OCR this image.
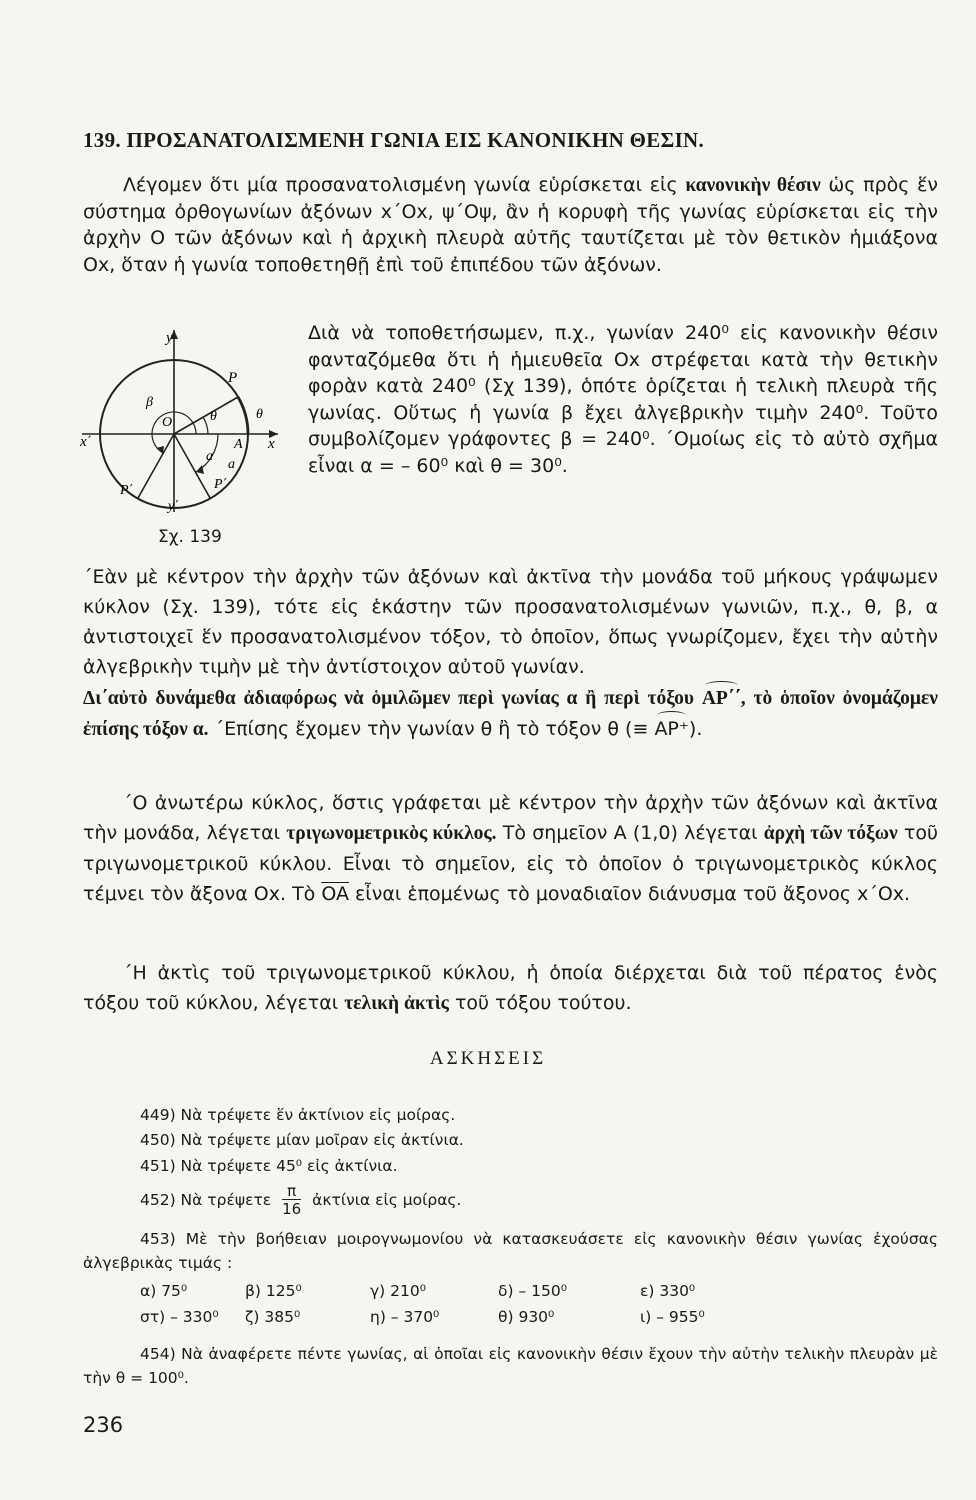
139. ΠΡΟΣΑΝΑΤΟΛΙΣΜΕΝΗ ΓΩΝΙΑ ΕΙΣ ΚΑΝΟΝΙΚΗΝ ΘΕΣΙΝ.
Λέγομεν ὅτι μία προσανατολισμένη γωνία εὑρίσκεται εἰς κανονικὴν θέσιν ὡς πρὸς ἕν σύστημα ὀρθογωνίων ἀξόνων x΄Ox, ψ΄Oψ, ἂν ἡ κορυφὴ τῆς γωνίας εὑρίσκεται εἰς τὴν ἀρχὴν O τῶν ἀξόνων καὶ ἡ ἀρχικὴ πλευρὰ αὐτῆς ταυτίζεται μὲ τὸν θετικὸν ἡμιάξονα Ox, ὅταν ἡ γωνία τοποθετηθῇ ἐπὶ τοῦ ἐπιπέδου τῶν ἀξόνων.
y
P
x΄	x
O	θ	θ
A
a
a
β
P΄	P΄
y΄
Σχ. 139
Διὰ νὰ τοποθετήσωμεν, π.χ., γωνίαν 240⁰ εἰς κανονικὴν θέσιν φανταζόμεθα ὅτι ἡ ἡμιευθεῖα Ox στρέφεται κατὰ τὴν θετικὴν φορὰν κατὰ 240⁰ (Σχ 139), ὁπότε ὁρίζεται ἡ τελικὴ πλευρὰ τῆς γωνίας. Οὕτως ἡ γωνία β ἔχει ἀλγεβρικὴν τιμὴν 240⁰. Τοῦτο συμβολίζομεν γράφοντες β = 240⁰. ΄Ομοίως εἰς τὸ αὐτὸ σχῆμα εἶναι α = – 60⁰ καὶ θ = 30⁰.
΄Εὰν μὲ κέντρον τὴν ἀρχὴν τῶν ἀξόνων καὶ ἀκτῖνα τὴν μονάδα τοῦ μήκους γράψωμεν κύκλον (Σχ. 139), τότε εἰς ἑκάστην τῶν προσανατολισμένων γωνιῶν, π.χ., θ, β, α ἀντιστοιχεῖ ἕν προσανατολισμένον τόξον, τὸ ὁποῖον, ὅπως γνωρίζομεν, ἔχει τὴν αὐτὴν ἀλγεβρικὴν τιμὴν μὲ τὴν ἀντίστοιχον αὐτοῦ γωνίαν.
Δι΄αὐτὸ δυνάμεθα ἀδιαφόρως νὰ ὁμιλῶμεν περὶ γωνίας α ἢ περὶ τόξου AP΄΄, τὸ ὁποῖον ὀνομάζομεν ἐπίσης τόξον α. ΄Επίσης ἔχομεν τὴν γωνίαν θ ἢ τὸ τόξον θ (≡ AP⁺).
΄Ο ἀνωτέρω κύκλος, ὅστις γράφεται μὲ κέντρον τὴν ἀρχὴν τῶν ἀξόνων καὶ ἀκτῖνα τὴν μονάδα, λέγεται τριγωνομετρικὸς κύκλος. Τὸ σημεῖον A (1,0) λέγεται ἀρχὴ τῶν τόξων τοῦ τριγωνομετρικοῦ κύκλου. Εἶναι τὸ σημεῖον, εἰς τὸ ὁποῖον ὁ τριγωνομετρικὸς κύκλος τέμνει τὸν ἄξονα Ox. Τὸ $\overline{OA}$ εἶναι ἑπομένως τὸ μοναδιαῖον διάνυσμα τοῦ ἄξονος x΄Ox.
΄Η ἀκτὶς τοῦ τριγωνομετρικοῦ κύκλου, ἡ ὁποία διέρχεται διὰ τοῦ πέρατος ἑνὸς τόξου τοῦ κύκλου, λέγεται τελικὴ ἀκτὶς τοῦ τόξου τούτου.
ΑΣΚΗΣΕΙΣ
449) Νὰ τρέψετε ἕν ἀκτίνιον εἰς μοίρας.
450) Νὰ τρέψετε μίαν μοῖραν εἰς ἀκτίνια.
451) Νὰ τρέψετε 45⁰ εἰς ἀκτίνια.
452) Νὰ τρέψετε $\frac{\pi}{16}$ ἀκτίνια εἰς μοίρας.
453) Μὲ τὴν βοήθειαν μοιρογνωμονίου νὰ κατασκευάσετε εἰς κανονικὴν θέσιν γωνίας ἐχούσας ἀλγεβρικὰς τιμάς :
α) 75⁰	β) 125⁰	γ) 210⁰	δ) – 150⁰	ε) 330⁰
στ) – 330⁰ ζ) 385⁰	η) – 370⁰	θ) 930⁰	ι) – 955⁰
454) Νὰ ἀναφέρετε πέντε γωνίας, αἱ ὁποῖαι εἰς κανονικὴν θέσιν ἔχουν τὴν αὐτὴν τελικὴν πλευρὰν μὲ τὴν θ = 100⁰.
236
